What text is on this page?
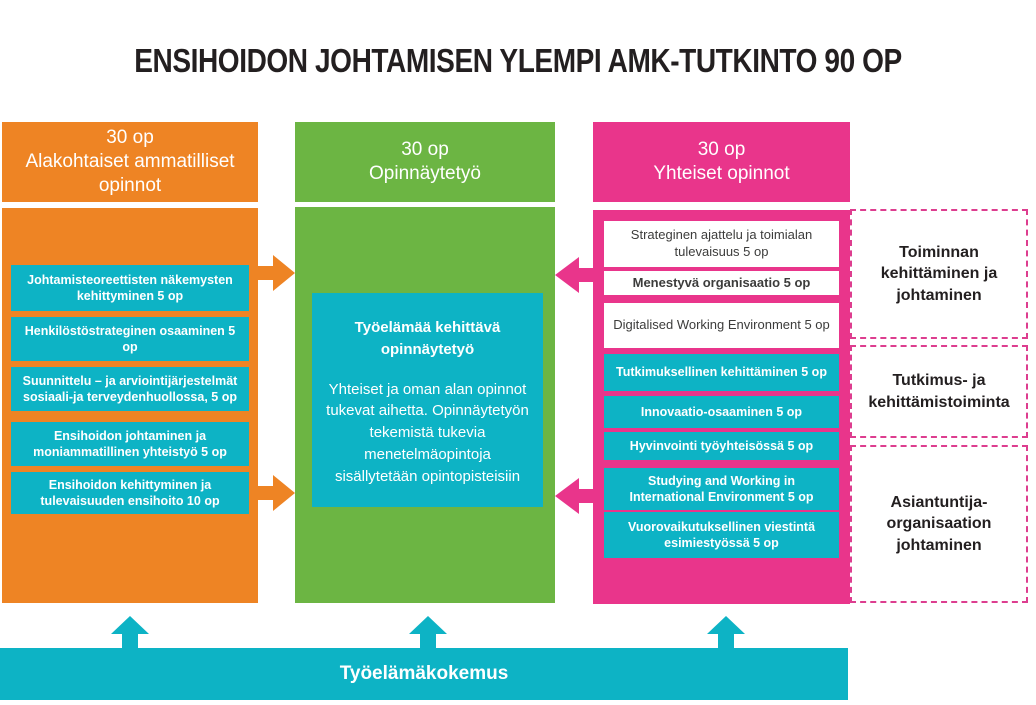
ENSIHOIDON JOHTAMISEN YLEMPI AMK-TUTKINTO 90 OP
30 op
Alakohtaiset ammatilliset opinnot
Johtamisteoreettisten näkemysten kehittyminen 5 op
Henkilöstöstrateginen osaaminen 5 op
Suunnittelu – ja arviointijärjestelmät sosiaali-ja terveydenhuollossa, 5 op
Ensihoidon johtaminen ja moniammatillinen yhteistyö 5 op
Ensihoidon kehittyminen ja tulevaisuuden ensihoito 10 op
30 op
Opinnäytetyö
Työelämää kehittävä opinnäytetyö
Yhteiset ja oman alan opinnot tukevat aihetta. Opinnäytetyön tekemistä tukevia menetelmäopintoja sisällytetään opintopisteisiin
30 op
Yhteiset opinnot
Strateginen ajattelu ja toimialan tulevaisuus 5 op
Menestyvä organisaatio 5 op
Digitalised Working Environment 5 op
Tutkimuksellinen kehittäminen 5 op
Innovaatio-osaaminen 5 op
Hyvinvointi työyhteisössä 5 op
Studying and Working in International Environment 5 op
Vuorovaikutuksellinen viestintä esimiestyössä 5 op
Toiminnan kehittäminen ja johtaminen
Tutkimus- ja kehittämistoiminta
Asiantuntija-organisaation johtaminen
Työelämäkokemus
